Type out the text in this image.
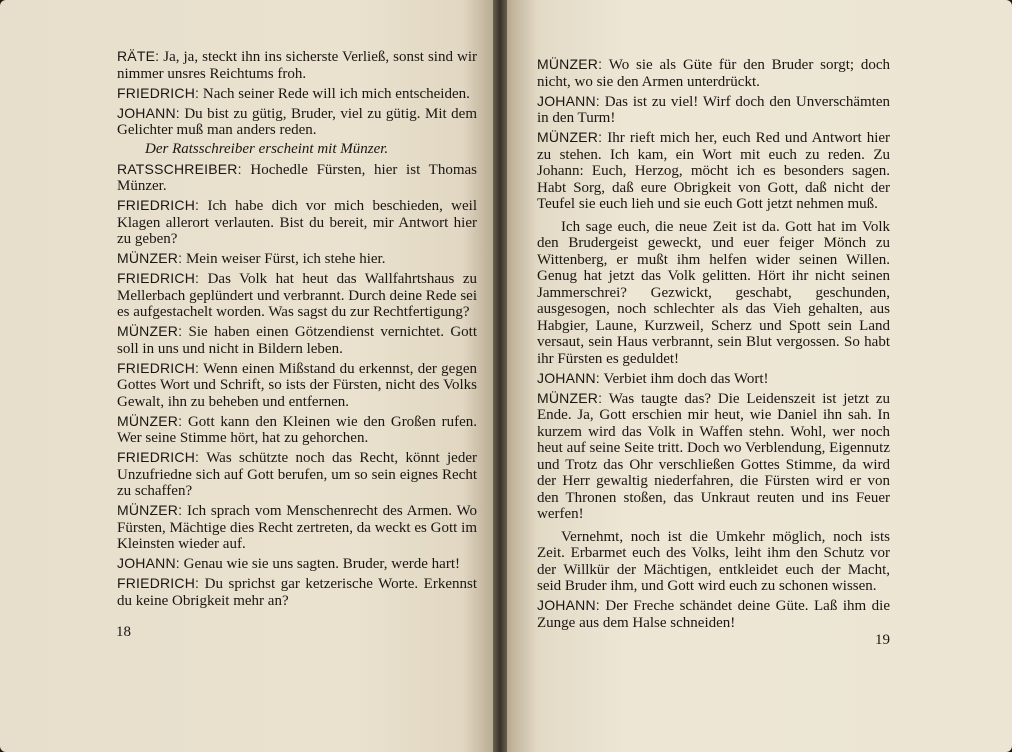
RÄTE: Ja, ja, steckt ihn ins sicherste Verließ, sonst sind wir nimmer unsres Reichtums froh.

FRIEDRICH: Nach seiner Rede will ich mich entscheiden.

JOHANN: Du bist zu gütig, Bruder, viel zu gütig. Mit dem Gelichter muß man anders reden.

Der Ratsschreiber erscheint mit Münzer.

RATSSCHREIBER: Hochedle Fürsten, hier ist Thomas Münzer.

FRIEDRICH: Ich habe dich vor mich beschieden, weil Klagen allerort verlauten. Bist du bereit, mir Antwort hier zu geben?

MÜNZER: Mein weiser Fürst, ich stehe hier.

FRIEDRICH: Das Volk hat heut das Wallfahrtshaus zu Mellerbach geplündert und verbrannt. Durch deine Rede sei es aufgestachelt worden. Was sagst du zur Rechtfertigung?

MÜNZER: Sie haben einen Götzendienst vernichtet. Gott soll in uns und nicht in Bildern leben.

FRIEDRICH: Wenn einen Mißstand du erkennst, der gegen Gottes Wort und Schrift, so ists der Fürsten, nicht des Volks Gewalt, ihn zu beheben und entfernen.

MÜNZER: Gott kann den Kleinen wie den Großen rufen. Wer seine Stimme hört, hat zu gehorchen.

FRIEDRICH: Was schützte noch das Recht, könnt jeder Unzufriedne sich auf Gott berufen, um so sein eignes Recht zu schaffen?

MÜNZER: Ich sprach vom Menschenrecht des Armen. Wo Fürsten, Mächtige dies Recht zertreten, da weckt es Gott im Kleinsten wieder auf.

JOHANN: Genau wie sie uns sagten. Bruder, werde hart!

FRIEDRICH: Du sprichst gar ketzerische Worte. Erkennst du keine Obrigkeit mehr an?

18

MÜNZER: Wo sie als Güte für den Bruder sorgt; doch nicht, wo sie den Armen unterdrückt.

JOHANN: Das ist zu viel! Wirf doch den Unverschämten in den Turm!

MÜNZER: Ihr rieft mich her, euch Red und Antwort hier zu stehen. Ich kam, ein Wort mit euch zu reden. Zu Johann: Euch, Herzog, möcht ich es besonders sagen. Habt Sorg, daß eure Obrigkeit von Gott, daß nicht der Teufel sie euch lieh und sie euch Gott jetzt nehmen muß.

Ich sage euch, die neue Zeit ist da. Gott hat im Volk den Brudergeist geweckt, und euer feiger Mönch zu Wittenberg, er mußt ihm helfen wider seinen Willen. Genug hat jetzt das Volk gelitten. Hört ihr nicht seinen Jammerschrei? Gezwickt, geschabt, geschunden, ausgesogen, noch schlechter als das Vieh gehalten, aus Habgier, Laune, Kurzweil, Scherz und Spott sein Land versaut, sein Haus verbrannt, sein Blut vergossen. So habt ihr Fürsten es geduldet!

JOHANN: Verbiet ihm doch das Wort!

MÜNZER: Was taugte das? Die Leidenszeit ist jetzt zu Ende. Ja, Gott erschien mir heut, wie Daniel ihn sah. In kurzem wird das Volk in Waffen stehn. Wohl, wer noch heut auf seine Seite tritt. Doch wo Verblendung, Eigennutz und Trotz das Ohr verschließen Gottes Stimme, da wird der Herr gewaltig niederfahren, die Fürsten wird er von den Thronen stoßen, das Unkraut reuten und ins Feuer werfen!

Vernehmt, noch ist die Umkehr möglich, noch ists Zeit. Erbarmet euch des Volks, leiht ihm den Schutz vor der Willkür der Mächtigen, entkleidet euch der Macht, seid Bruder ihm, und Gott wird euch zu schonen wissen.

JOHANN: Der Freche schändet deine Güte. Laß ihm die Zunge aus dem Halse schneiden!

19
